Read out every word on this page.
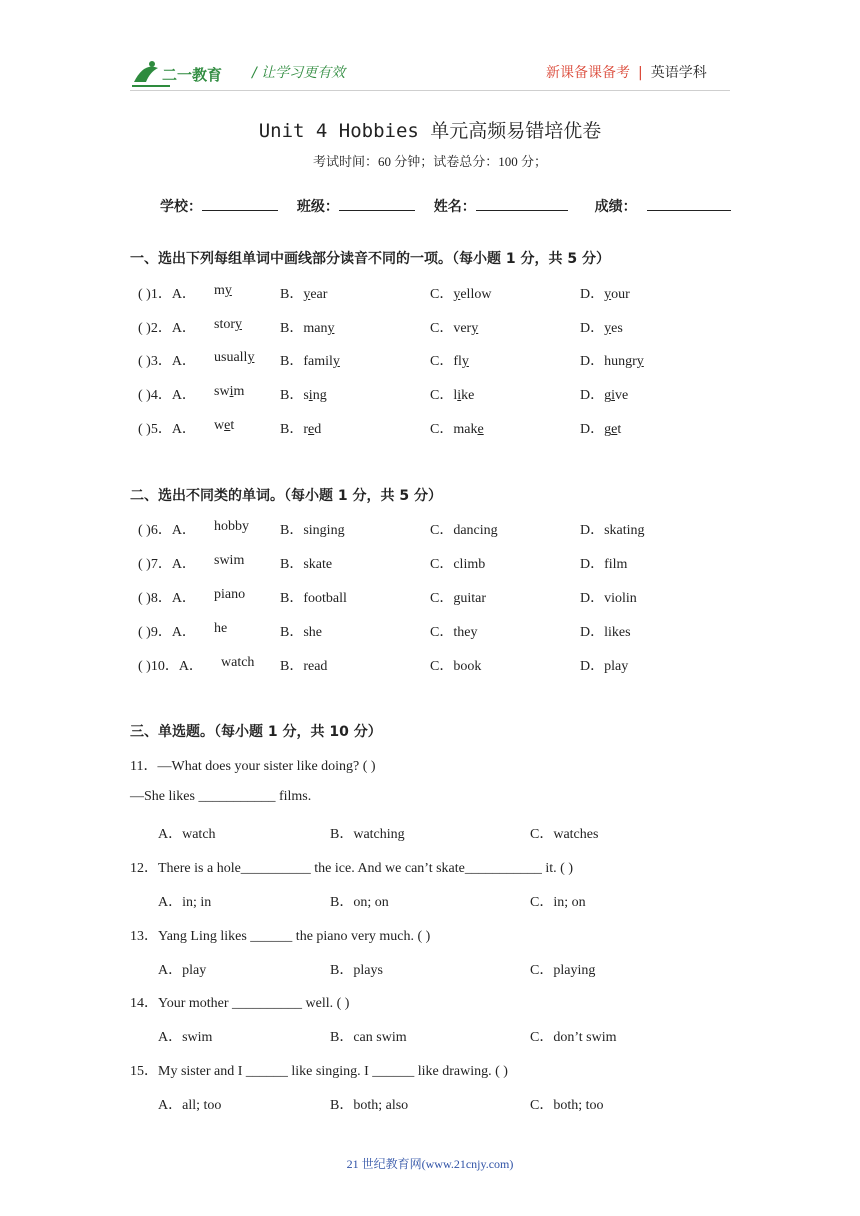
二一教育 / 让学习更有效	新课备课备考 | 英语学科
Unit 4 Hobbies 单元高频易错培优卷
考试时间：60 分钟；试卷总分：100 分；
学校：	班级：	姓名：	成绩：
一、选出下列每组单词中画线部分读音不同的一项。（每小题 1 分，共 5 分）
( )1．A． my	B．year	C．yellow	D．your
( )2．A． story	B．many	C．very	D．yes
( )3．A． usually B．family	C．fly	D．hungry
( )4．A． swim	B．sing	C．like	D．give
( )5．A． wet	B．red	C．make	D．get
二、选出不同类的单词。（每小题 1 分，共 5 分）
( )6．A． hobby B．singing	C．dancing	D．skating
( )7．A． swim	B．skate	C．climb	D．film
( )8．A． piano B．football	C．guitar	D．violin
( )9．A． he	B．she	C．they	D．likes
( )10．A． watch B．read	C．book	D．play
三、单选题。（每小题 1 分，共 10 分）
11．—What does your sister like doing? ( )
—She likes ___________ films.
A．watch	B．watching	C．watches
12．There is a hole__________ the ice. And we can’t skate___________ it. ( )
A．in; in	B．on; on	C．in; on
13．Yang Ling likes ______ the piano very much. ( )
A．play	B．plays	C．playing
14．Your mother __________ well. ( )
A．swim	B．can swim	C．don’t swim
15．My sister and I ______ like singing. I ______ like drawing. ( )
A．all; too	B．both; also	C．both; too
21 世纪教育网(www.21cnjy.com)
